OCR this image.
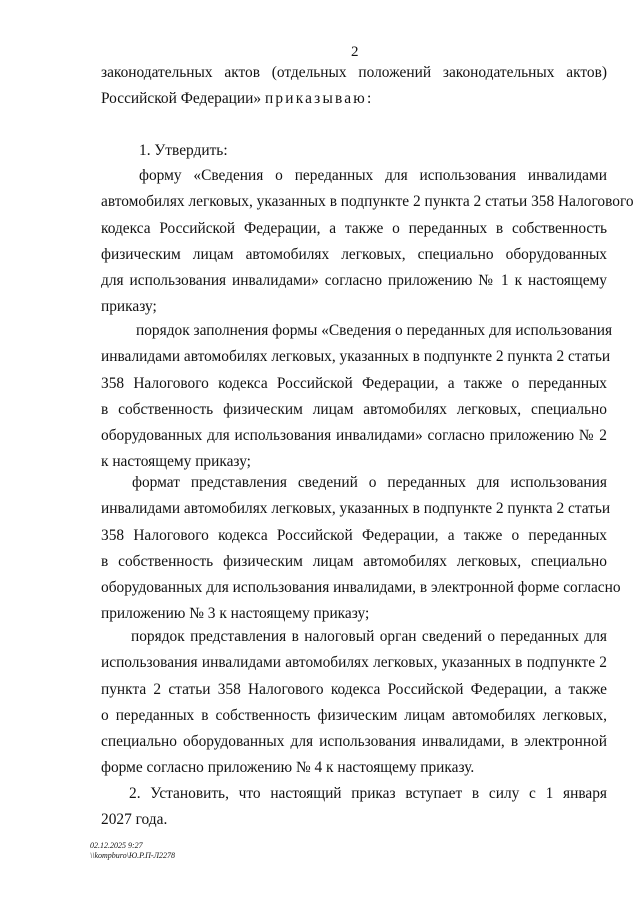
2
законодательных актов (отдельных положений законодательных актов)
Российской Федерации» приказываю:
1. Утвердить:
форму «Сведения о переданных для использования инвалидами
автомобилях легковых, указанных в подпункте 2 пункта 2 статьи 358 Налогового
кодекса Российской Федерации, а также о переданных в собственность
физическим лицам автомобилях легковых, специально оборудованных
для использования инвалидами» согласно приложению № 1 к настоящему
приказу;
порядок заполнения формы «Сведения о переданных для использования
инвалидами автомобилях легковых, указанных в подпункте 2 пункта 2 статьи
358 Налогового кодекса Российской Федерации, а также о переданных
в собственность физическим лицам автомобилях легковых, специально
оборудованных для использования инвалидами» согласно приложению № 2
к настоящему приказу;
формат представления сведений о переданных для использования
инвалидами автомобилях легковых, указанных в подпункте 2 пункта 2 статьи
358 Налогового кодекса Российской Федерации, а также о переданных
в собственность физическим лицам автомобилях легковых, специально
оборудованных для использования инвалидами, в электронной форме согласно
приложению № 3 к настоящему приказу;
порядок представления в налоговый орган сведений о переданных для
использования инвалидами автомобилях легковых, указанных в подпункте 2
пункта 2 статьи 358 Налогового кодекса Российской Федерации, а также
о переданных в собственность физическим лицам автомобилях легковых,
специально оборудованных для использования инвалидами, в электронной
форме согласно приложению № 4 к настоящему приказу.
2. Установить, что настоящий приказ вступает в силу с 1 января
2027 года.
02.12.2025 9:27
\\kompburo\Ю.Р.П-Л2278
